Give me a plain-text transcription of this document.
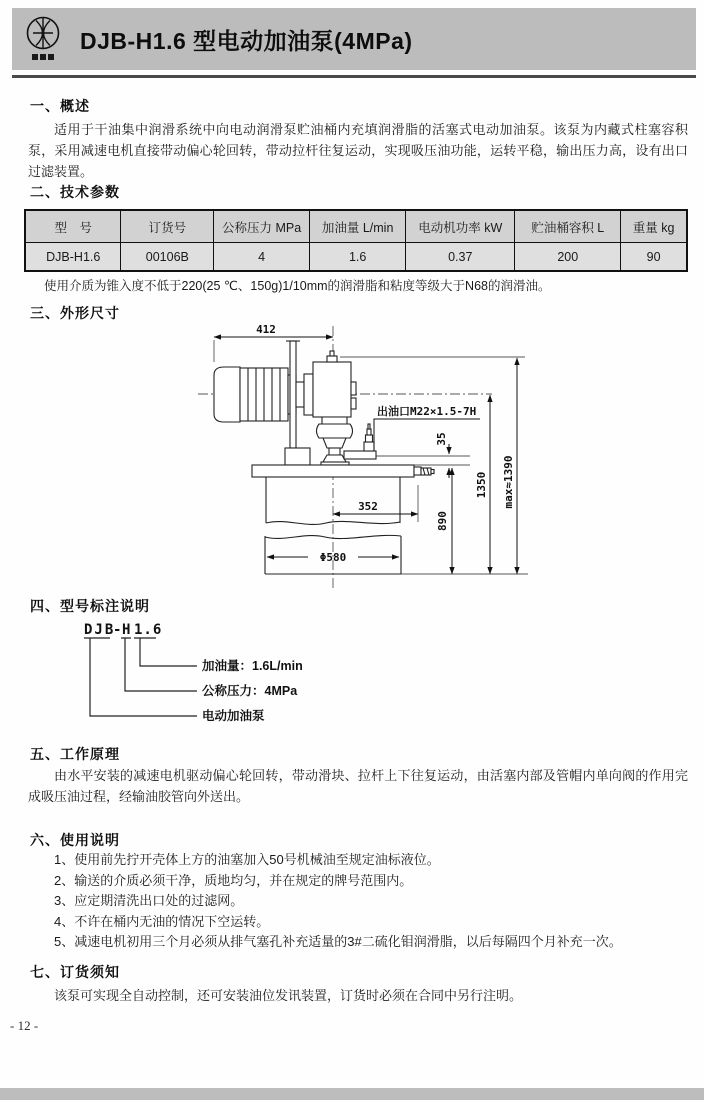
DJB-H1.6 型电动加油泵(4MPa)
一、概述
适用于干油集中润滑系统中向电动润滑泵贮油桶内充填润滑脂的活塞式电动加油泵。该泵为内藏式柱塞容积泵，采用减速电机直接带动偏心轮回转，带动拉杆往复运动，实现吸压油功能，运转平稳，输出压力高，设有出口过滤装置。
二、技术参数
型　号	订货号	公称压力 MPa	加油量 L/min	电动机功率 kW	贮油桶容积 L	重量 kg
DJB-H1.6	00106B	4	1.6	0.37	200	90
使用介质为锥入度不低于220(25 ℃、150g)1/10mm的润滑脂和粘度等级大于N68的润滑油。
三、外形尺寸
412
352
Φ580
890
1350 max≈1390
35
出油口M22×1.5-7H
四、型号标注说明
DJB
- H 1.6
加油量：1.6L/min
公称压力：4MPa
电动加油泵
五、工作原理
由水平安装的减速电机驱动偏心轮回转，带动滑块、拉杆上下往复运动，由活塞内部及管帽内单向阀的作用完成吸压油过程，经输油胶管向外送出。
六、使用说明
1、使用前先拧开壳体上方的油塞加入50号机械油至规定油标液位。
2、输送的介质必须干净，质地均匀，并在规定的牌号范围内。
3、应定期清洗出口处的过滤网。
4、不许在桶内无油的情况下空运转。
5、减速电机初用三个月必须从排气塞孔补充适量的3#二硫化钼润滑脂，以后每隔四个月补充一次。
七、订货须知
该泵可实现全自动控制，还可安装油位发讯装置，订货时必须在合同中另行注明。
- 12 -
